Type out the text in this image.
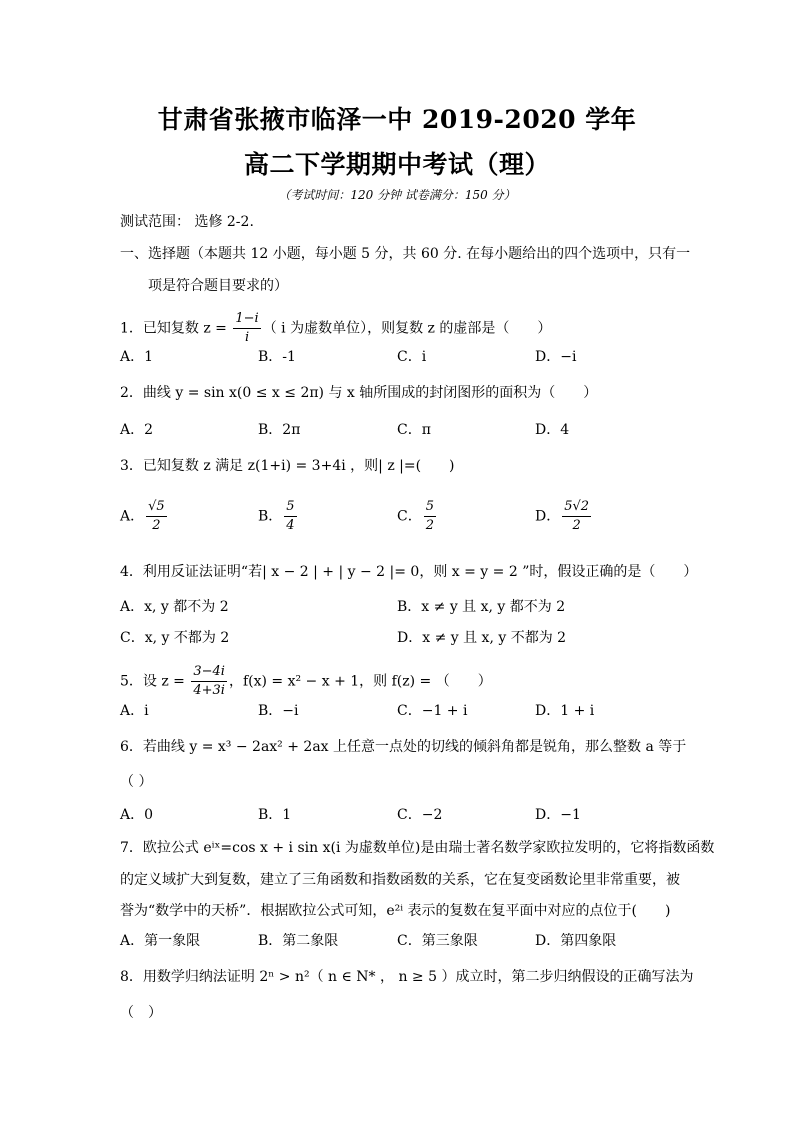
甘肃省张掖市临泽一中 2019-2020 学年
高二下学期期中考试（理）
（考试时间：120 分钟 试卷满分：150 分）
测试范围： 选修 2-2.
一、选择题（本题共 12 小题，每小题 5 分，共 60 分. 在每小题给出的四个选项中，只有一
项是符合题目要求的）
1．已知复数 $z = \frac{1-i}{i}$ （ i 为虚数单位），则复数 z 的虚部是（　　）
A．1	B．-1	C．i	D．−i
2．曲线 y = sin x(0 ≤ x ≤ 2π) 与 x 轴所围成的封闭图形的面积为（　　）
A．2	B．2π	C．π	D．4
3．已知复数 z 满足 z(1+i) = 3+4i ，则| z |=(　　)
A． $\frac{√5}{2}$	B． $\frac{5}{4}$	C． $\frac{5}{2}$	D． $\frac{5√2}{2}$
4．利用反证法证明“若| x − 2 | + | y − 2 |= 0，则 x = y = 2 ”时，假设正确的是（　　）
A．x, y 都不为 2	B．x ≠ y 且 x, y 都不为 2
C．x, y 不都为 2	D．x ≠ y 且 x, y 不都为 2
5．设 $z = \frac{3-4i}{4+3i}$ ，f(x) = x² − x + 1，则 f(z) = （　　）
A．i	B．−i	C．−1 + i	D．1 + i
6．若曲线 y = x³ − 2ax² + 2ax 上任意一点处的切线的倾斜角都是锐角，那么整数 a 等于
（ ）
A．0	B．1	C．−2	D．−1
7．欧拉公式 eⁱˣ=cos x + i sin x(i 为虚数单位)是由瑞士著名数学家欧拉发明的，它将指数函数
的定义域扩大到复数，建立了三角函数和指数函数的关系，它在复变函数论里非常重要，被
誉为“数学中的天桥”．根据欧拉公式可知，e²ⁱ 表示的复数在复平面中对应的点位于(　　)
A．第一象限	B．第二象限	C．第三象限	D．第四象限
8．用数学归纳法证明 2ⁿ > n²（ n ∈ N* ， n ≥ 5 ）成立时，第二步归纳假设的正确写法为
（　）
